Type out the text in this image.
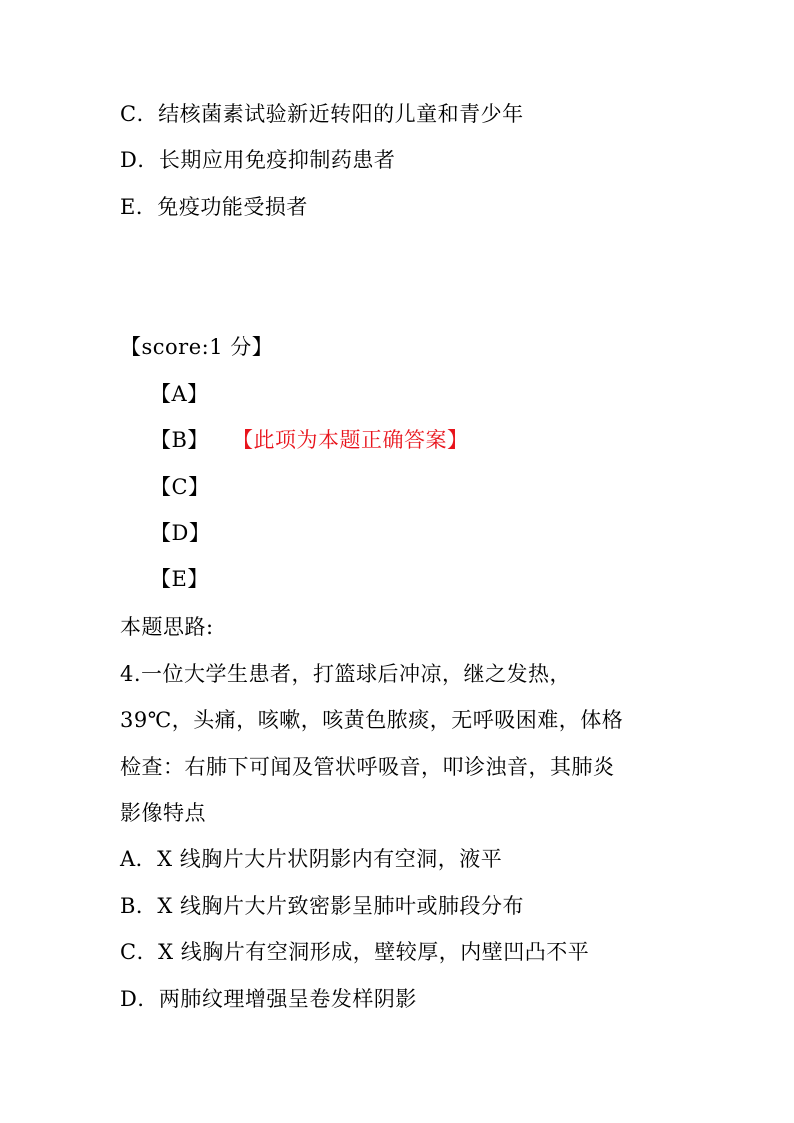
C．结核菌素试验新近转阳的儿童和青少年
D．长期应用免疫抑制药患者
E．免疫功能受损者
【score:1 分】
【A】
【B】 【此项为本题正确答案】
【C】
【D】
【E】
本题思路:
4.一位大学生患者，打篮球后冲凉，继之发热，
39℃，头痛，咳嗽，咳黄色脓痰，无呼吸困难，体格
检查：右肺下可闻及管状呼吸音，叩诊浊音，其肺炎
影像特点
A．X 线胸片大片状阴影内有空洞，液平
B．X 线胸片大片致密影呈肺叶或肺段分布
C．X 线胸片有空洞形成，壁较厚，内壁凹凸不平
D．两肺纹理增强呈卷发样阴影
